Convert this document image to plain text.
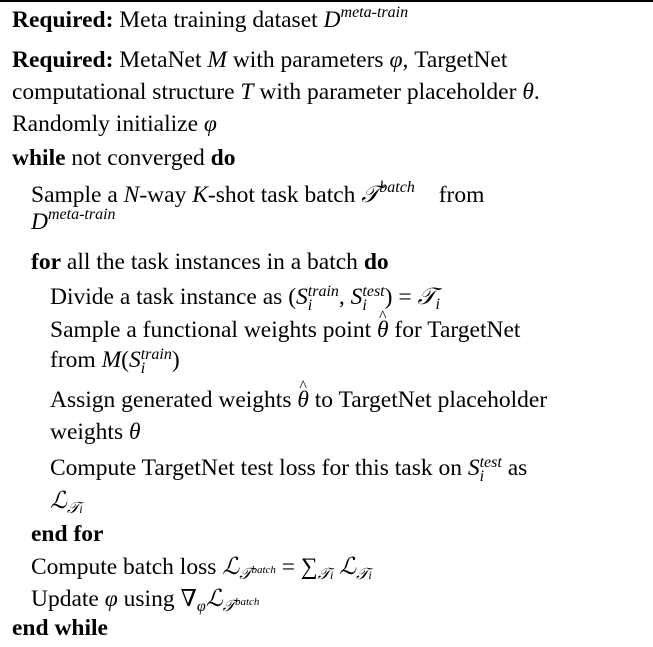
Required: Meta training dataset $D^{meta-train}$
Required: MetaNet M with parameters φ, TargetNet
computational structure T with parameter placeholder θ.
Randomly initialize φ
while not converged do
Sample a N-way K-shot task batch 𝒯$^{batch}$ from
$D^{meta-train}$
for all the task instances in a batch do
Divide a task instance as (S train
i	, S test
i ) = 𝒯$_i$
Sample a functional weights point ^ θ for TargetNet
from M(S train
i	)
Assign generated weights ^ θ to TargetNet placeholder
weights θ
Compute TargetNet test loss for this task on S test
i	as
ℒ$_{𝒯i}$
end for
Compute batch loss ℒ$_{𝒯^{batch}}$ = $\sum_{𝒯i}$ ℒ$_{𝒯i}$
Update φ using $\nabla_\varphi ℒ_{𝒯^{batch}}$
end while
